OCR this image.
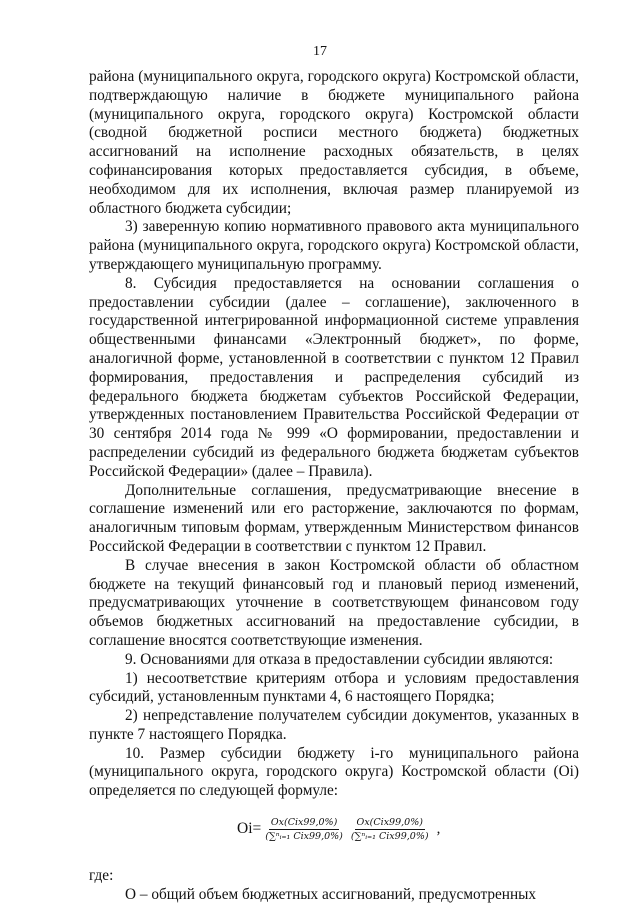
17

района (муниципального округа, городского округа) Костромской области, подтверждающую наличие в бюджете муниципального района (муниципального округа, городского округа) Костромской области (сводной бюджетной росписи местного бюджета) бюджетных ассигнований на исполнение расходных обязательств, в целях софинансирования которых предоставляется субсидия, в объеме, необходимом для их исполнения, включая размер планируемой из областного бюджета субсидии;

3) заверенную копию нормативного правового акта муниципального района (муниципального округа, городского округа) Костромской области, утверждающего муниципальную программу.

8. Субсидия предоставляется на основании соглашения о предоставлении субсидии (далее – соглашение), заключенного в государственной интегрированной информационной системе управления общественными финансами «Электронный бюджет», по форме, аналогичной форме, установленной в соответствии с пунктом 12 Правил формирования, предоставления и распределения субсидий из федерального бюджета бюджетам субъектов Российской Федерации, утвержденных постановлением Правительства Российской Федерации от 30 сентября 2014 года № 999 «О формировании, предоставлении и распределении субсидий из федерального бюджета бюджетам субъектов Российской Федерации» (далее – Правила).

Дополнительные соглашения, предусматривающие внесение в соглашение изменений или его расторжение, заключаются по формам, аналогичным типовым формам, утвержденным Министерством финансов Российской Федерации в соответствии с пунктом 12 Правил.

В случае внесения в закон Костромской области об областном бюджете на текущий финансовый год и плановый период изменений, предусматривающих уточнение в соответствующем финансовом году объемов бюджетных ассигнований на предоставление субсидии, в соглашение вносятся соответствующие изменения.

9. Основаниями для отказа в предоставлении субсидии являются:

1) несоответствие критериям отбора и условиям предоставления субсидий, установленным пунктами 4, 6 настоящего Порядка;

2) непредставление получателем субсидии документов, указанных в пункте 7 настоящего Порядка.

10. Размер субсидии бюджету i-го муниципального района (муниципального округа, городского округа) Костромской области (Oi) определяется по следующей формуле:

$Oi= \frac{\text{Ox(Cix99,0\%)}}{\text{(∑ⁿᵢ₌₁ Cix99,0\%)}} \frac{\text{Ox(Cix99,0\%)}}{\text{(∑ⁿᵢ₌₁ Cix99,0\%)}}$ ,

где:

O – общий объем бюджетных ассигнований, предусмотренных
